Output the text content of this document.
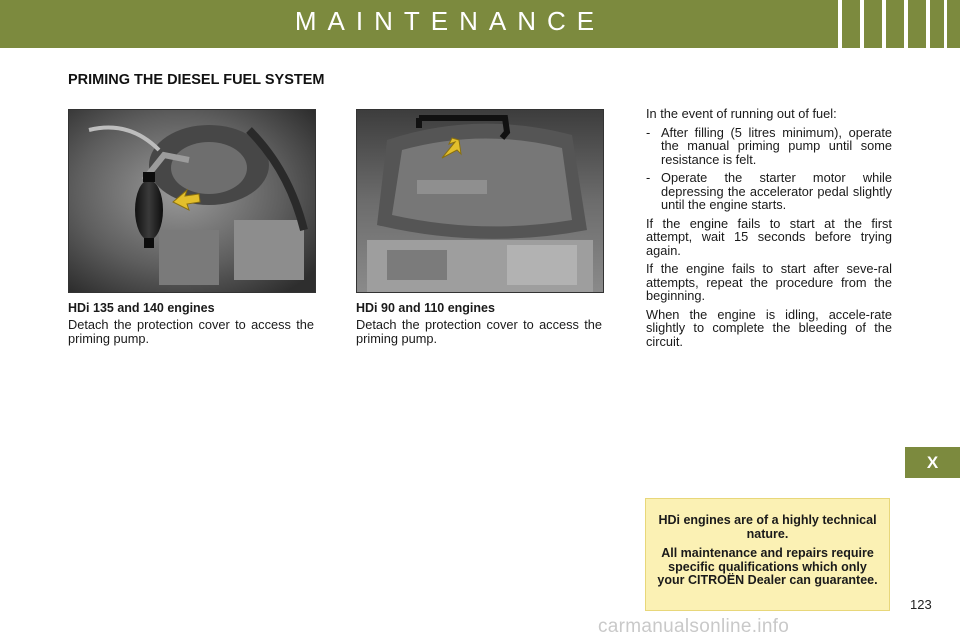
MAINTENANCE
PRIMING THE DIESEL FUEL SYSTEM
HDi 135 and 140 engines
Detach the protection cover to access the priming pump.
HDi 90 and 110 engines
Detach the protection cover to access the priming pump.

In the event of running out of fuel:

- After filling (5 litres minimum), operate the manual priming pump until some resistance is felt.
- Operate the starter motor while depressing the accelerator pedal slightly until the engine starts.

If the engine fails to start at the first attempt, wait 15 seconds before trying again.

If the engine fails to start after seve-ral attempts, repeat the procedure from the beginning.

When the engine is idling, accele-rate slightly to complete the bleeding of the circuit.

X

HDi engines are of a highly technical nature.

All maintenance and repairs require specific qualifications which only your CITROËN Dealer can guarantee.

123
carmanualsonline.info
